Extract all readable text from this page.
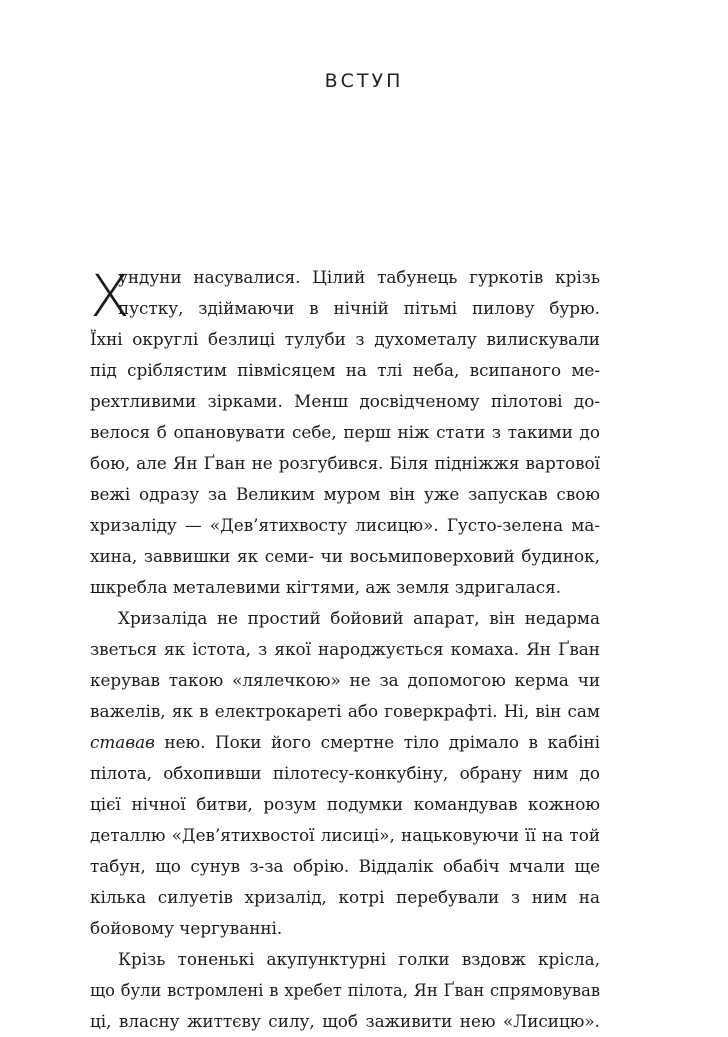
ВСТУП
Х
ундуни насувалися. Цілий табунець гуркотів крізь
пустку, здіймаючи в нічній пітьмі пилову бурю.
Їхні округлі безлиці тулуби з духометалу вилискували
під сріблястим півмісяцем на тлі неба, всипаного ме-
рехтливими зірками. Менш досвідченому пілотові до-
велося б опановувати себе, перш ніж стати з такими до
бою, але Ян Ґван не розгубився. Біля підніжжя вартової
вежі одразу за Великим муром він уже запускав свою
хризаліду — «Дев’ятихвосту лисицю». Густо-зелена ма-
хина, заввишки як семи- чи восьмиповерховий будинок,
шкребла металевими кігтями, аж земля здригалася.
Хризаліда не простий бойовий апарат, він недарма
зветься як істота, з якої народжується комаха. Ян Ґван
керував такою «лялечкою» не за допомогою керма чи
важелів, як в електрокареті або говеркрафті. Ні, він сам
ставав нею. Поки його смертне тіло дрімало в кабіні
пілота, обхопивши пілотесу-конкубіну, обрану ним до
цієї нічної битви, розум подумки командував кожною
деталлю «Дев’ятихвостої лисиці», нацьковуючи її на той
табун, що сунув з-за обрію. Віддалік обабіч мчали ще
кілька силуетів хризалід, котрі перебували з ним на
бойовому чергуванні.
Крізь тоненькі акупунктурні голки вздовж крісла,
що були встромлені в хребет пілота, Ян Ґван спрямовував
ці, власну життєву силу, щоб заживити нею «Лисицю».
